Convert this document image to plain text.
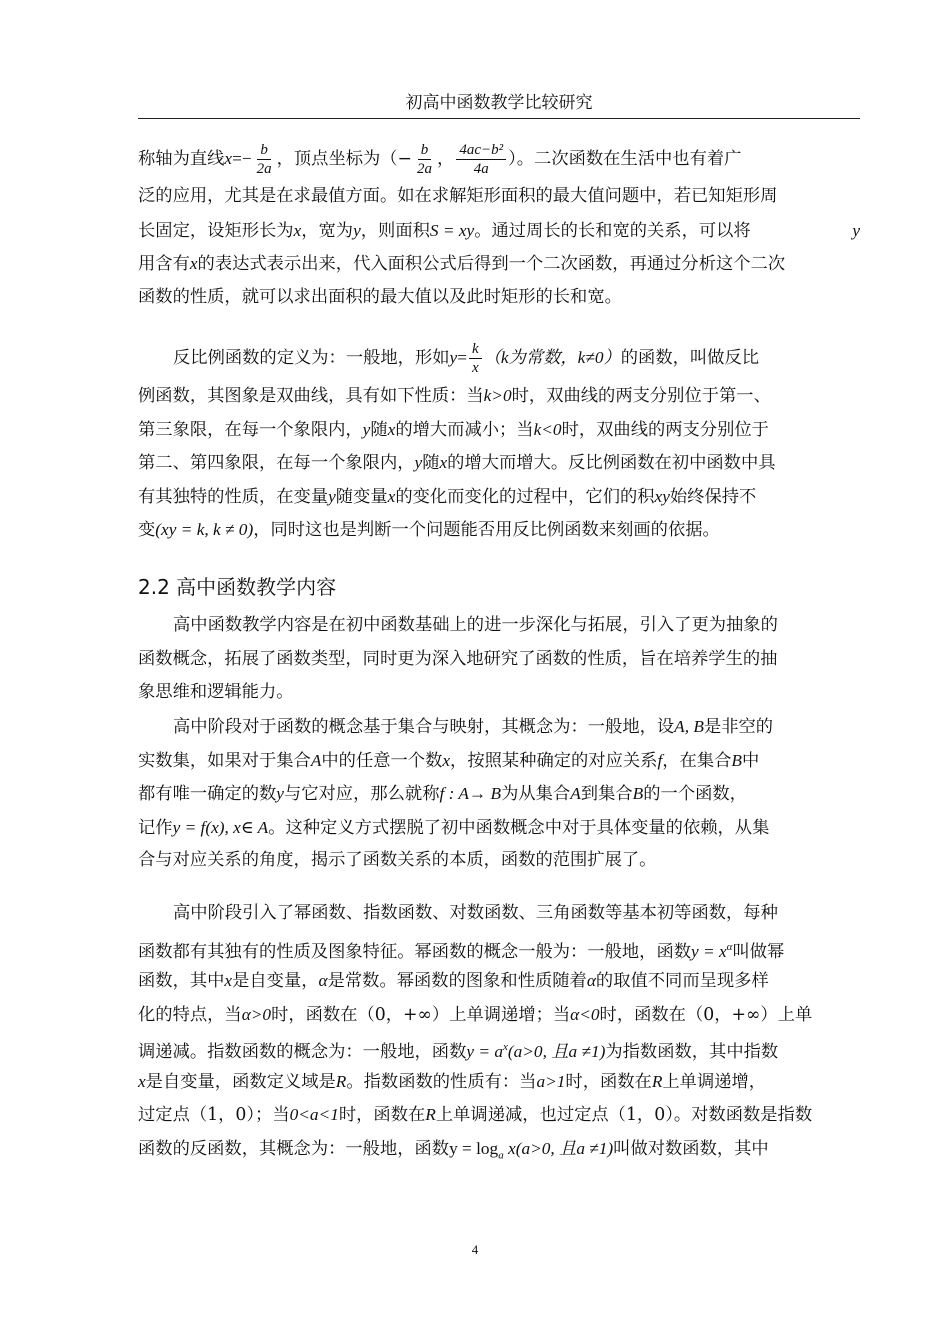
初高中函数教学比较研究
称轴为直线$x=- \frac{b}{2a}$ ，顶点坐标为（− $\frac{b}{2a}$ ， $\frac{\text{4ac−b²}}{4a}$ ）。二次函数在生活中也有着广
泛的应用，尤其是在求最值方面。如在求解矩形面积的最大值问题中，若已知矩形周
长固定，设矩形长为x，宽为y，则面积S = xy。通过周长的长和宽的关系，可以将	y
用含有x的表达式表示出来，代入面积公式后得到一个二次函数，再通过分析这个二次
函数的性质，就可以求出面积的最大值以及此时矩形的长和宽。
反比例函数的定义为：一般地，形如$y= \frac{k}{x} (k$为常数，k≠0）的函数，叫做反比
例函数，其图象是双曲线，具有如下性质：当k>0时，双曲线的两支分别位于第一、
第三象限，在每一个象限内，y随x的增大而减小；当k<0时，双曲线的两支分别位于
第二、第四象限，在每一个象限内，y随x的增大而增大。反比例函数在初中函数中具
有其独特的性质，在变量y随变量x的变化而变化的过程中，它们的积xy始终保持不
变(xy = k, k ≠ 0)，同时这也是判断一个问题能否用反比例函数来刻画的依据。
2.2 高中函数教学内容
高中函数教学内容是在初中函数基础上的进一步深化与拓展，引入了更为抽象的
函数概念，拓展了函数类型，同时更为深入地研究了函数的性质，旨在培养学生的抽
象思维和逻辑能力。
高中阶段对于函数的概念基于集合与映射，其概念为：一般地，设A, B是非空的
实数集，如果对于集合A中的任意一个数x，按照某种确定的对应关系f，在集合B中
都有唯一确定的数y与它对应，那么就称f : A→ B为从集合A到集合B的一个函数，
记作y = f(x), x∈ A。这种定义方式摆脱了初中函数概念中对于具体变量的依赖，从集
合与对应关系的角度，揭示了函数关系的本质，函数的范围扩展了。
高中阶段引入了幂函数、指数函数、对数函数、三角函数等基本初等函数，每种
函数都有其独有的性质及图象特征。幂函数的概念一般为：一般地，函数$y = x^\alpha$叫做幂
函数，其中x是自变量，α是常数。幂函数的图象和性质随着α的取值不同而呈现多样
化的特点，当α>0时，函数在（0，+∞）上单调递增；当α<0时，函数在（0，+∞）上单
调递减。指数函数的概念为：一般地，函数$y = a^x(a>0$, 且a ≠1)为指数函数，其中指数
x是自变量，函数定义域是R。指数函数的性质有：当a>1时，函数在R上单调递增，
过定点（1，0）；当0<a<1时，函数在R上单调递减，也过定点（1，0）。对数函数是指数
函数的反函数，其概念为：一般地，函数$y = \log_a x(a>0$, 且a ≠1)叫做对数函数，其中
4
